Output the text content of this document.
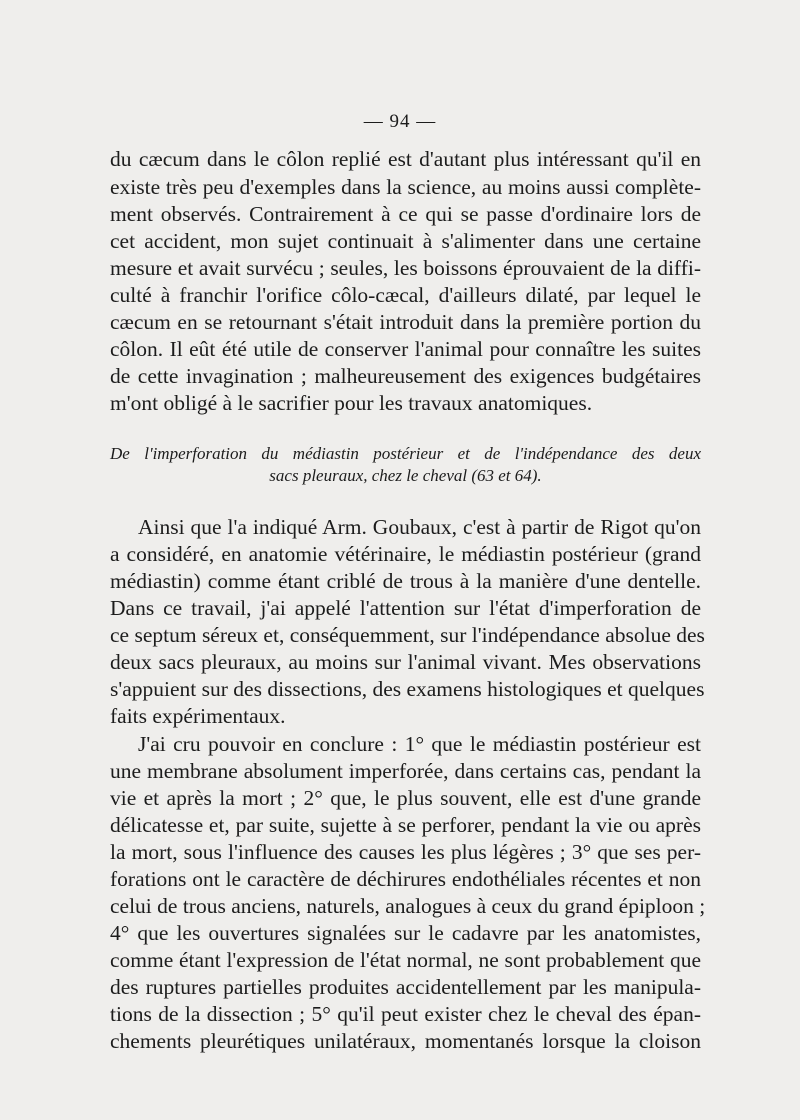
— 94 —
du cæcum dans le côlon replié est d'autant plus intéressant qu'il en
existe très peu d'exemples dans la science, au moins aussi complète-
ment observés. Contrairement à ce qui se passe d'ordinaire lors de
cet accident, mon sujet continuait à s'alimenter dans une certaine
mesure et avait survécu ; seules, les boissons éprouvaient de la diffi-
culté à franchir l'orifice côlo-cæcal, d'ailleurs dilaté, par lequel le
cæcum en se retournant s'était introduit dans la première portion du
côlon. Il eût été utile de conserver l'animal pour connaître les suites
de cette invagination ; malheureusement des exigences budgétaires
m'ont obligé à le sacrifier pour les travaux anatomiques.
De l'imperforation du médiastin postérieur et de l'indépendance des deux
sacs pleuraux, chez le cheval (63 et 64).
Ainsi que l'a indiqué Arm. Goubaux, c'est à partir de Rigot qu'on
a considéré, en anatomie vétérinaire, le médiastin postérieur (grand
médiastin) comme étant criblé de trous à la manière d'une dentelle.
Dans ce travail, j'ai appelé l'attention sur l'état d'imperforation de
ce septum séreux et, conséquemment, sur l'indépendance absolue des
deux sacs pleuraux, au moins sur l'animal vivant. Mes observations
s'appuient sur des dissections, des examens histologiques et quelques
faits expérimentaux.
J'ai cru pouvoir en conclure : 1° que le médiastin postérieur est
une membrane absolument imperforée, dans certains cas, pendant la
vie et après la mort ; 2° que, le plus souvent, elle est d'une grande
délicatesse et, par suite, sujette à se perforer, pendant la vie ou après
la mort, sous l'influence des causes les plus légères ; 3° que ses per-
forations ont le caractère de déchirures endothéliales récentes et non
celui de trous anciens, naturels, analogues à ceux du grand épiploon ;
4° que les ouvertures signalées sur le cadavre par les anatomistes,
comme étant l'expression de l'état normal, ne sont probablement que
des ruptures partielles produites accidentellement par les manipula-
tions de la dissection ; 5° qu'il peut exister chez le cheval des épan-
chements pleurétiques unilatéraux, momentanés lorsque la cloison
